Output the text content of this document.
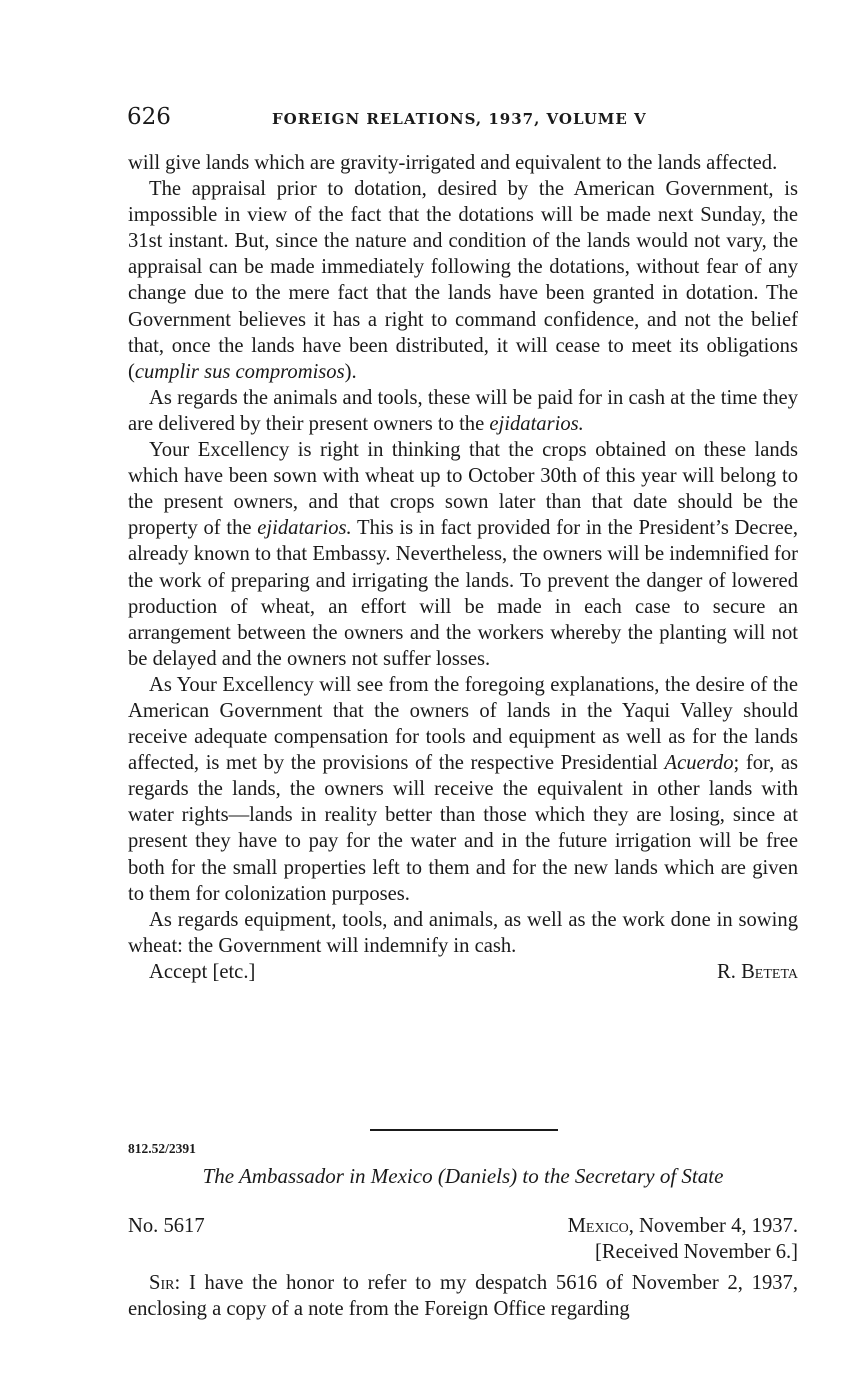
626	FOREIGN RELATIONS, 1937, VOLUME V

will give lands which are gravity-irrigated and equivalent to the lands affected.

The appraisal prior to dotation, desired by the American Government, is impossible in view of the fact that the dotations will be made next Sunday, the 31st instant. But, since the nature and condition of the lands would not vary, the appraisal can be made immediately following the dotations, without fear of any change due to the mere fact that the lands have been granted in dotation. The Government believes it has a right to command confidence, and not the belief that, once the lands have been distributed, it will cease to meet its obligations (cumplir sus compromisos).

As regards the animals and tools, these will be paid for in cash at the time they are delivered by their present owners to the ejidatarios.

Your Excellency is right in thinking that the crops obtained on these lands which have been sown with wheat up to October 30th of this year will belong to the present owners, and that crops sown later than that date should be the property of the ejidatarios. This is in fact provided for in the President’s Decree, already known to that Embassy. Nevertheless, the owners will be indemnified for the work of preparing and irrigating the lands. To prevent the danger of lowered production of wheat, an effort will be made in each case to secure an arrangement between the owners and the workers whereby the planting will not be delayed and the owners not suffer losses.

As Your Excellency will see from the foregoing explanations, the desire of the American Government that the owners of lands in the Yaqui Valley should receive adequate compensation for tools and equipment as well as for the lands affected, is met by the provisions of the respective Presidential Acuerdo; for, as regards the lands, the owners will receive the equivalent in other lands with water rights—lands in reality better than those which they are losing, since at present they have to pay for the water and in the future irrigation will be free both for the small properties left to them and for the new lands which are given to them for colonization purposes.

As regards equipment, tools, and animals, as well as the work done in sowing wheat: the Government will indemnify in cash.

Accept [etc.]	R. Beteta

812.52/2391
The Ambassador in Mexico (Daniels) to the Secretary of State
No. 5617	Mexico, November 4, 1937.
[Received November 6.]

Sir: I have the honor to refer to my despatch 5616 of November 2, 1937, enclosing a copy of a note from the Foreign Office regarding
